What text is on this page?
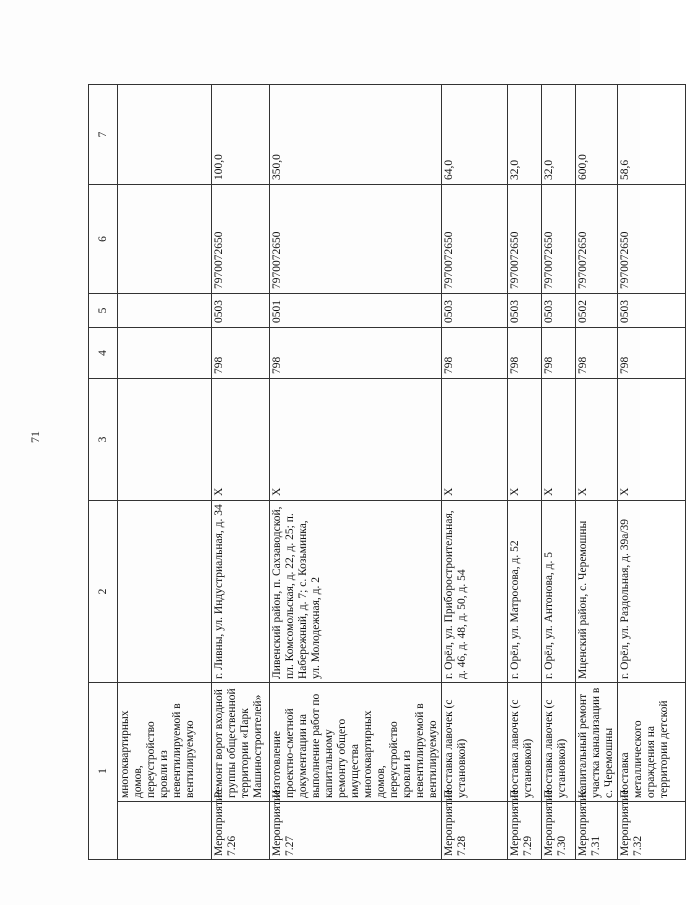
71
1		2	3	4	5	6	7
	многоквартирных домов, переустройство кровли из невентилируемой в вентилируемую						
Мероприятие 7.26	Ремонт ворот входной группы общественной территории «Парк Машиностроителей»	г. Ливны, ул. Индустриальная, д. 34	X	798	0503	7970072650	100,0
Мероприятие 7.27	Изготовление проектно-сметной документации на выполнение работ по капитальному ремонту общего имущества многоквартирных домов, переустройство кровли из невентилируемой в вентилируемую	Ливенский район, п. Сахзаводской, пл. Комсомольская, д. 22, д. 25; п. Набережный, д. 7; с. Козьминка, ул. Молодежная, д. 2	X	798	0501	7970072650	350,0
Мероприятие 7.28	Поставка лавочек (с установкой)	г. Орёл, ул. Приборостроительная, д. 46, д. 48, д. 50, д. 54	X	798	0503	7970072650	64,0
Мероприятие 7.29	Поставка лавочек (с установкой)	г. Орёл, ул. Матросова, д. 52	X	798	0503	7970072650	32,0
Мероприятие 7.30	Поставка лавочек (с установкой)	г. Орёл, ул. Антонова, д. 5	X	798	0503	7970072650	32,0
Мероприятие 7.31	Капитальный ремонт участка канализации в с. Черемошны	Мценский район, с. Черемошны	X	798	0502	7970072650	600,0
Мероприятие 7.32	Поставка металлического ограждения на территории детской	г. Орёл, ул. Раздольная, д. 39а/39	X	798	0503	7970072650	58,6
